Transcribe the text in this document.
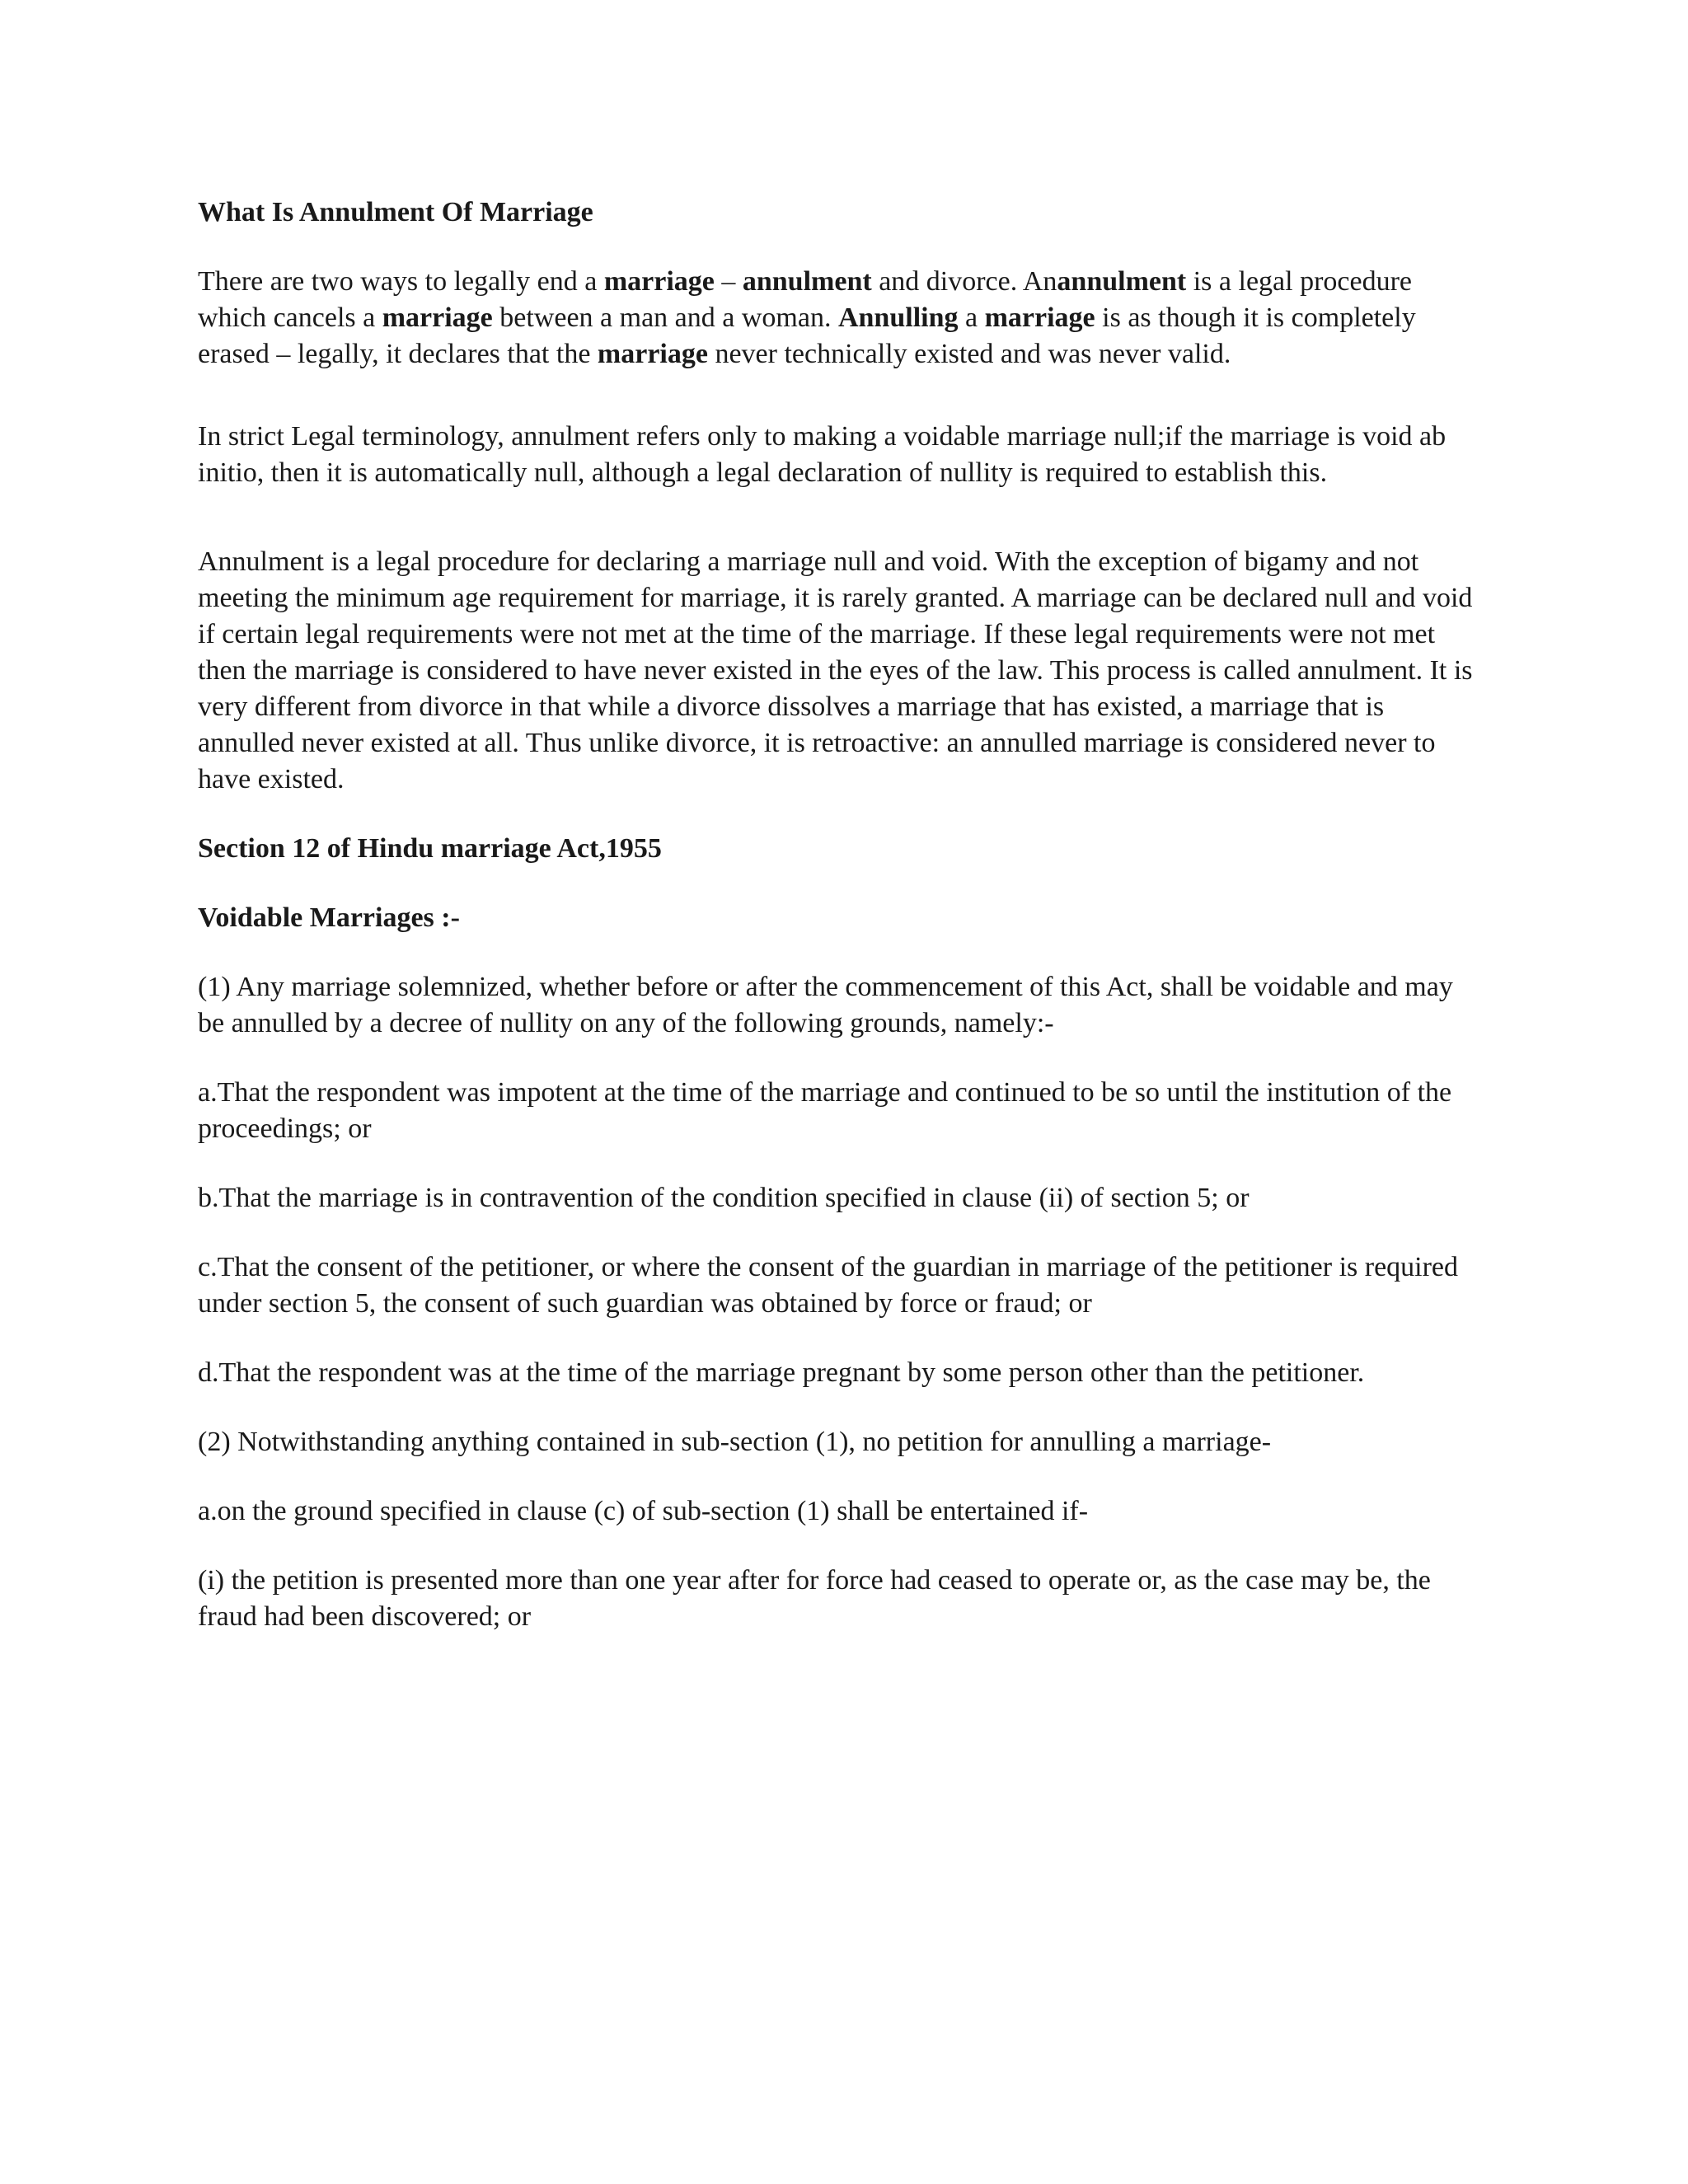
What Is Annulment Of Marriage

There are two ways to legally end a marriage – annulment and divorce. Anannulment is a legal procedure which cancels a marriage between a man and a woman. Annulling a marriage is as though it is completely erased – legally, it declares that the marriage never technically existed and was never valid.

In strict Legal terminology, annulment refers only to making a voidable marriage null;if the marriage is void ab initio, then it is automatically null, although a legal declaration of nullity is required to establish this.

Annulment is a legal procedure for declaring a marriage null and void. With the exception of bigamy and not meeting the minimum age requirement for marriage, it is rarely granted. A marriage can be declared null and void if certain legal requirements were not met at the time of the marriage. If these legal requirements were not met then the marriage is considered to have never existed in the eyes of the law. This process is called annulment. It is very different from divorce in that while a divorce dissolves a marriage that has existed, a marriage that is annulled never existed at all. Thus unlike divorce, it is retroactive: an annulled marriage is considered never to have existed.

Section 12 of Hindu marriage Act,1955
Voidable Marriages :-

(1) Any marriage solemnized, whether before or after the commencement of this Act, shall be voidable and may be annulled by a decree of nullity on any of the following grounds, namely:-

a.That the respondent was impotent at the time of the marriage and continued to be so until the institution of the proceedings; or

b.That the marriage is in contravention of the condition specified in clause (ii) of section 5; or

c.That the consent of the petitioner, or where the consent of the guardian in marriage of the petitioner is required under section 5, the consent of such guardian was obtained by force or fraud; or

d.That the respondent was at the time of the marriage pregnant by some person other than the petitioner.

(2) Notwithstanding anything contained in sub-section (1), no petition for annulling a marriage-

a.on the ground specified in clause (c) of sub-section (1) shall be entertained if-

(i) the petition is presented more than one year after for force had ceased to operate or, as the case may be, the fraud had been discovered; or
